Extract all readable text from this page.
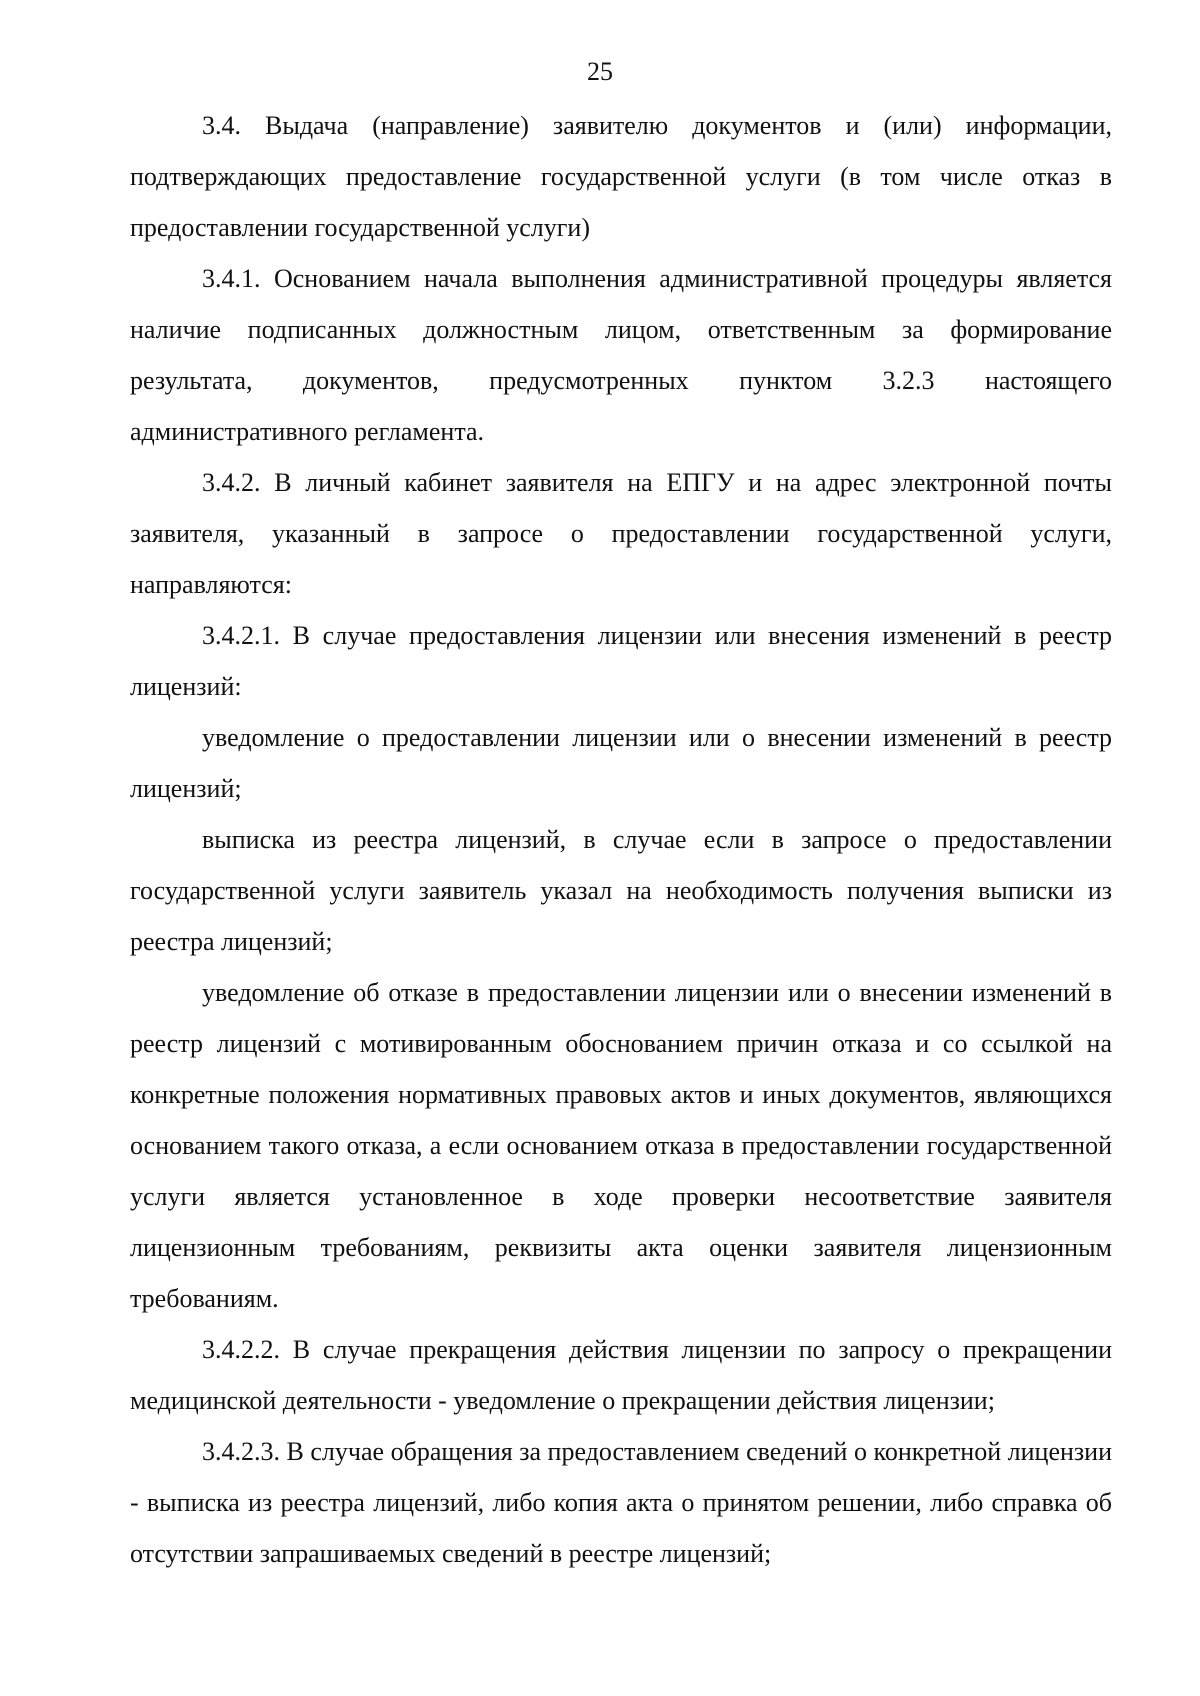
25

3.4. Выдача (направление) заявителю документов и (или) информации, подтверждающих предоставление государственной услуги (в том числе отказ в предоставлении государственной услуги)

3.4.1. Основанием начала выполнения административной процедуры является наличие подписанных должностным лицом, ответственным за формирование результата, документов, предусмотренных пунктом 3.2.3 настоящего административного регламента.

3.4.2. В личный кабинет заявителя на ЕПГУ и на адрес электронной почты заявителя, указанный в запросе о предоставлении государственной услуги, направляются:

3.4.2.1. В случае предоставления лицензии или внесения изменений в реестр лицензий:

уведомление о предоставлении лицензии или о внесении изменений в реестр лицензий;

выписка из реестра лицензий, в случае если в запросе о предоставлении государственной услуги заявитель указал на необходимость получения выписки из реестра лицензий;

уведомление об отказе в предоставлении лицензии или о внесении изменений в реестр лицензий с мотивированным обоснованием причин отказа и со ссылкой на конкретные положения нормативных правовых актов и иных документов, являющихся основанием такого отказа, а если основанием отказа в предоставлении государственной услуги является установленное в ходе проверки несоответствие заявителя лицензионным требованиям, реквизиты акта оценки заявителя лицензионным требованиям.

3.4.2.2. В случае прекращения действия лицензии по запросу о прекращении медицинской деятельности - уведомление о прекращении действия лицензии;

3.4.2.3. В случае обращения за предоставлением сведений о конкретной лицензии - выписка из реестра лицензий, либо копия акта о принятом решении, либо справка об отсутствии запрашиваемых сведений в реестре лицензий;
